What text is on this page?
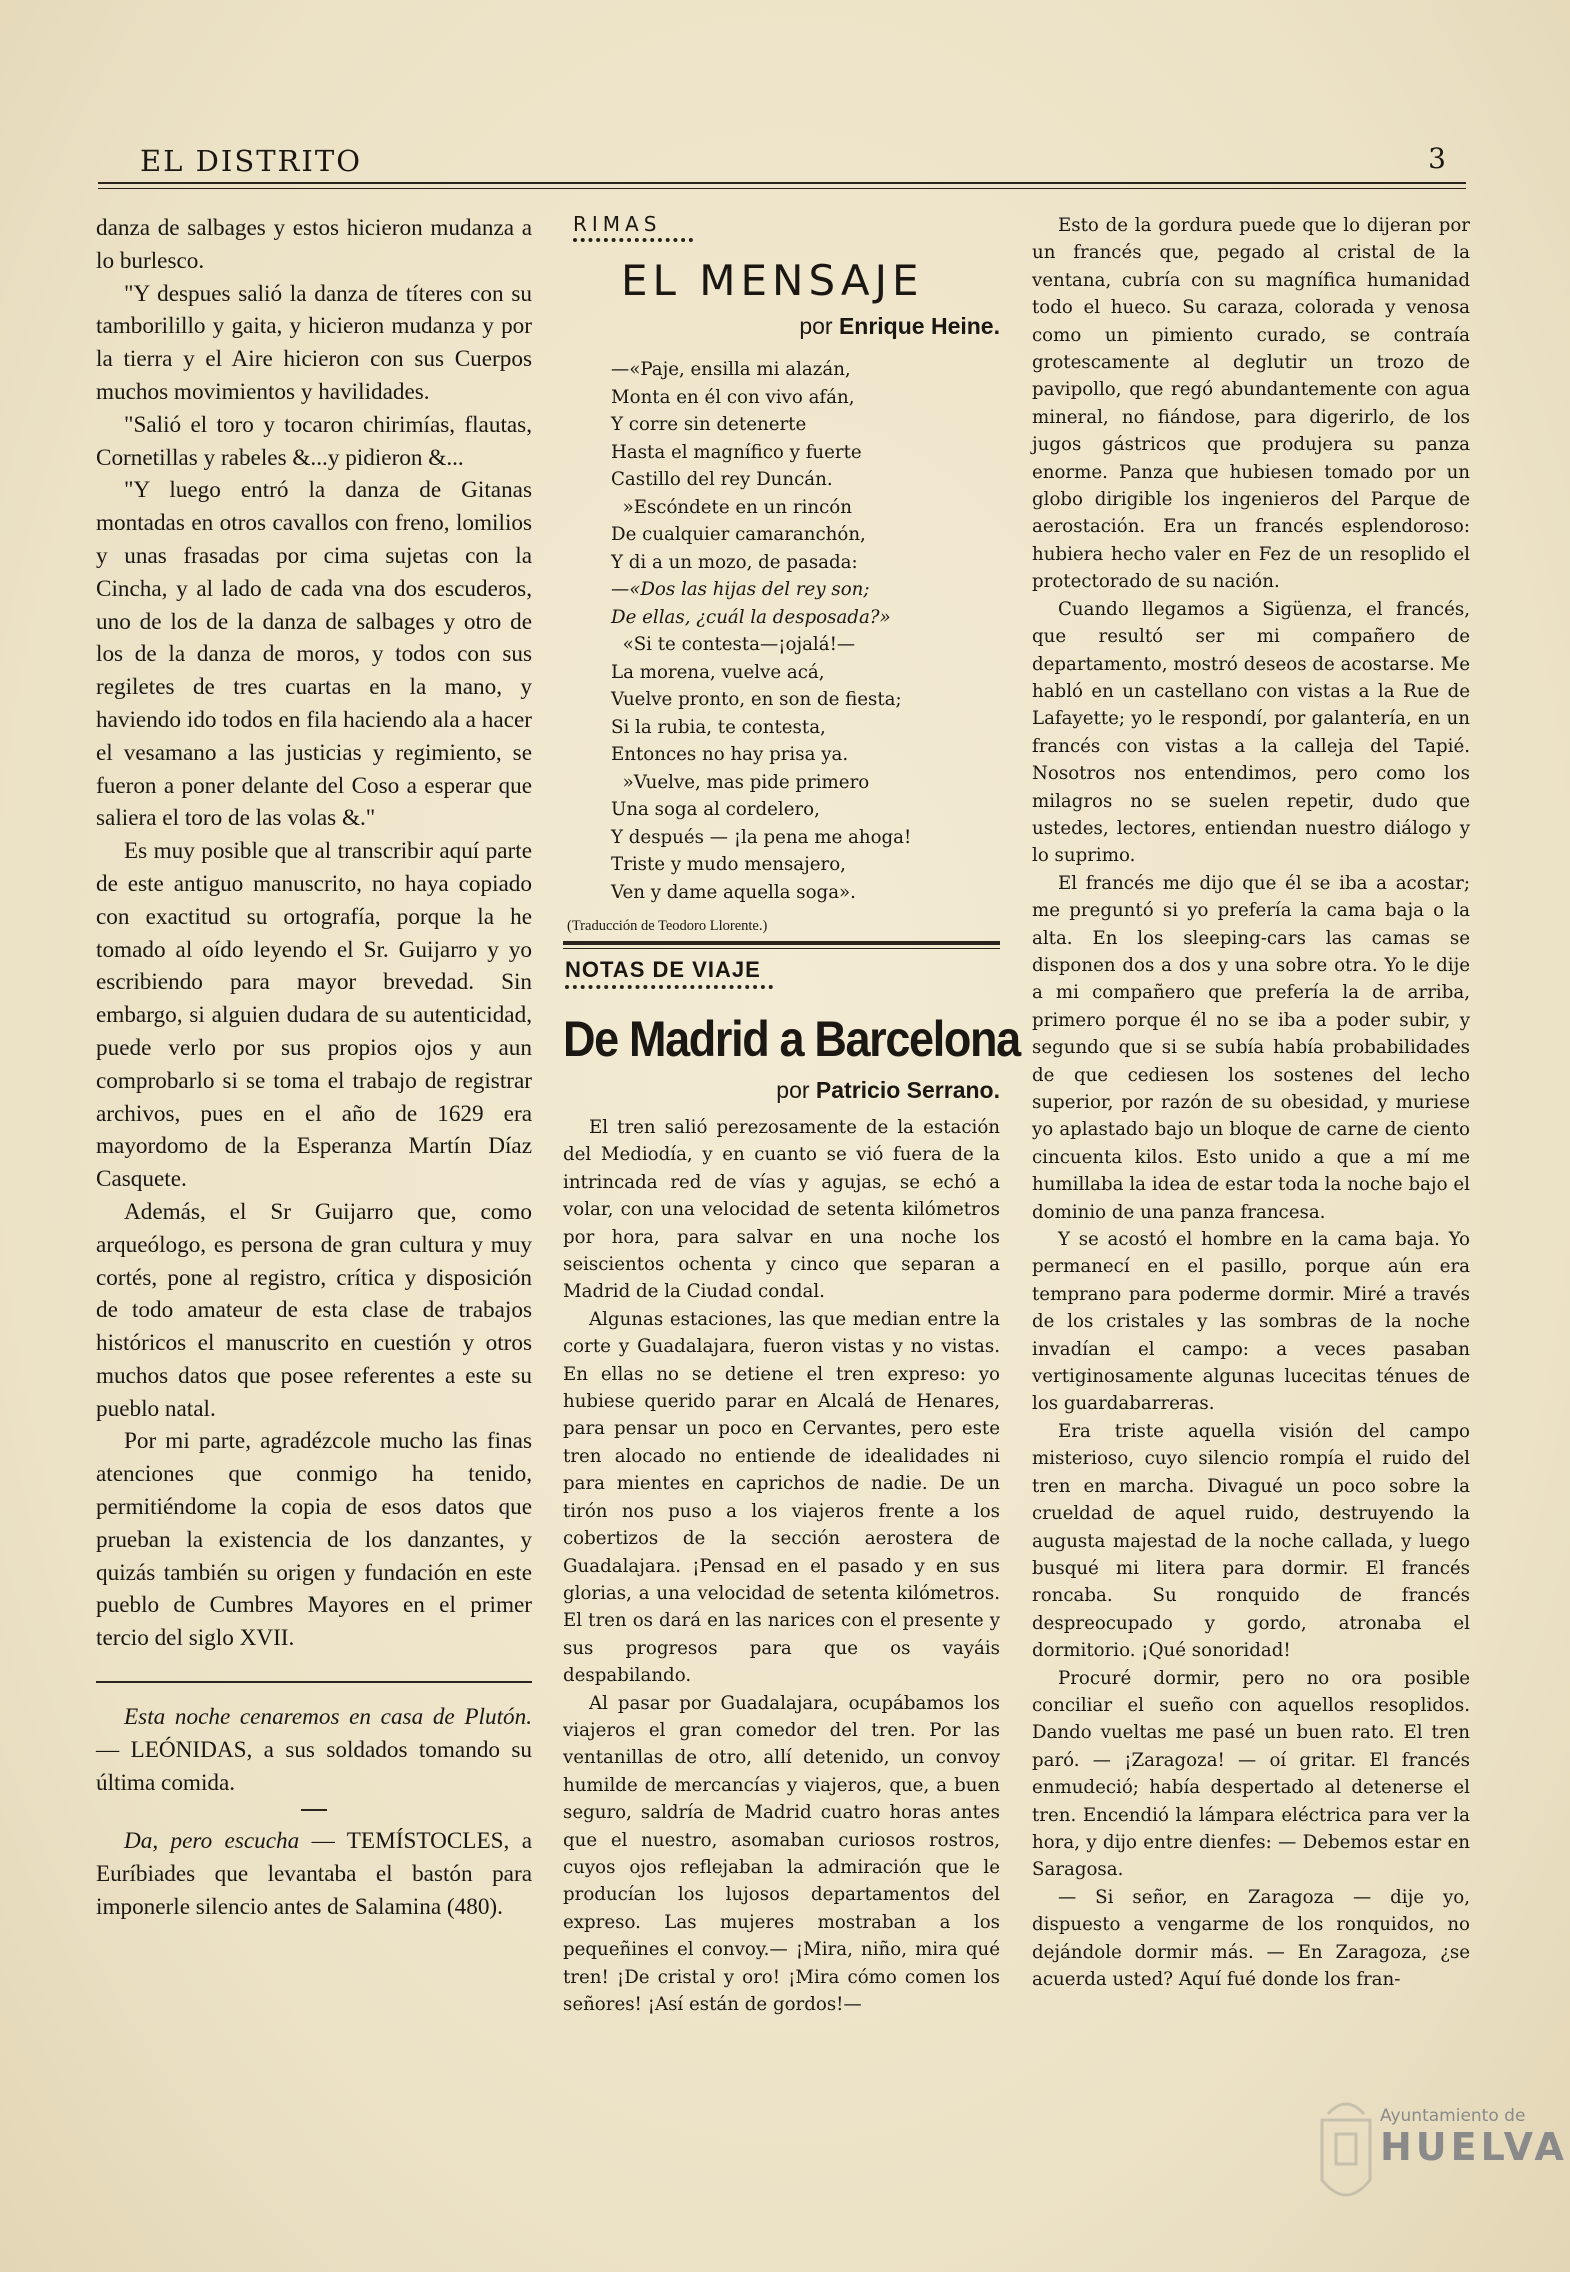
EL DISTRITO	3

danza de salbages y estos hicieron mudanza a lo burlesco.

"Y despues salió la danza de títeres con su tamborilillo y gaita, y hicieron mudanza y por la tierra y el Aire hicieron con sus Cuerpos muchos movimientos y havilidades.

"Salió el toro y tocaron chirimías, flautas, Cornetillas y rabeles &...y pidieron &...

"Y luego entró la danza de Gitanas montadas en otros cavallos con freno, lomilios y unas frasadas por cima sujetas con la Cincha, y al lado de cada vna dos escuderos, uno de los de la danza de salbages y otro de los de la danza de moros, y todos con sus regiletes de tres cuartas en la mano, y haviendo ido todos en fila haciendo ala a hacer el vesamano a las justicias y regimiento, se fueron a poner delante del Coso a esperar que saliera el toro de las volas &."

Es muy posible que al transcribir aquí parte de este antiguo manuscrito, no haya copiado con exactitud su ortografía, porque la he tomado al oído leyendo el Sr. Guijarro y yo escribiendo para mayor brevedad. Sin embargo, si alguien dudara de su autenticidad, puede verlo por sus propios ojos y aun comprobarlo si se toma el trabajo de registrar archivos, pues en el año de 1629 era mayordomo de la Esperanza Martín Díaz Casquete.

Además, el Sr Guijarro que, como arqueólogo, es persona de gran cultura y muy cortés, pone al registro, crítica y disposición de todo amateur de esta clase de trabajos históricos el manuscrito en cuestión y otros muchos datos que posee referentes a este su pueblo natal.

Por mi parte, agradézcole mucho las finas atenciones que conmigo ha tenido, permitiéndome la copia de esos datos que prueban la existencia de los danzantes, y quizás también su origen y fundación en este pueblo de Cumbres Mayores en el primer tercio del siglo XVII.

Esta noche cenaremos en casa de Plutón. — LEÓNIDAS, a sus soldados tomando su última comida.

Da, pero escucha — TEMÍSTOCLES, a Euríbiades que levantaba el bastón para imponerle silencio antes de Salamina (480).

RIMAS
EL MENSAJE
por Enrique Heine.
—«Paje, ensilla mi alazán,
Monta en él con vivo afán,
Y corre sin detenerte
Hasta el magnífico y fuerte
Castillo del rey Duncán.
»Escóndete en un rincón
De cualquier camaranchón,
Y di a un mozo, de pasada:
—«Dos las hijas del rey son;
De ellas, ¿cuál la desposada?»
«Si te contesta—¡ojalá!—
La morena, vuelve acá,
Vuelve pronto, en son de fiesta;
Si la rubia, te contesta,
Entonces no hay prisa ya.
»Vuelve, mas pide primero
Una soga al cordelero,
Y después — ¡la pena me ahoga!
Triste y mudo mensajero,
Ven y dame aquella soga».
(Traducción de Teodoro Llorente.)
NOTAS DE VIAJE
De Madrid a Barcelona
por Patricio Serrano.

El tren salió perezosamente de la estación del Mediodía, y en cuanto se vió fuera de la intrincada red de vías y agujas, se echó a volar, con una velocidad de setenta kilómetros por hora, para salvar en una noche los seiscientos ochenta y cinco que separan a Madrid de la Ciudad condal.

Algunas estaciones, las que median entre la corte y Guadalajara, fueron vistas y no vistas. En ellas no se detiene el tren expreso: yo hubiese querido parar en Alcalá de Henares, para pensar un poco en Cervantes, pero este tren alocado no entiende de idealidades ni para mientes en caprichos de nadie. De un tirón nos puso a los viajeros frente a los cobertizos de la sección aerostera de Guadalajara. ¡Pensad en el pasado y en sus glorias, a una velocidad de setenta kilómetros. El tren os dará en las narices con el presente y sus progresos para que os vayáis despabilando.

Al pasar por Guadalajara, ocupábamos los viajeros el gran comedor del tren. Por las ventanillas de otro, allí detenido, un convoy humilde de mercancías y viajeros, que, a buen seguro, saldría de Madrid cuatro horas antes que el nuestro, asomaban curiosos rostros, cuyos ojos reflejaban la admiración que le producían los lujosos departamentos del expreso. Las mujeres mostraban a los pequeñines el convoy.— ¡Mira, niño, mira qué tren! ¡De cristal y oro! ¡Mira cómo comen los señores! ¡Así están de gordos!—

Esto de la gordura puede que lo dijeran por un francés que, pegado al cristal de la ventana, cubría con su magnífica humanidad todo el hueco. Su caraza, colorada y venosa como un pimiento curado, se contraía grotescamente al deglutir un trozo de pavipollo, que regó abundantemente con agua mineral, no fiándose, para digerirlo, de los jugos gástricos que produjera su panza enorme. Panza que hubiesen tomado por un globo dirigible los ingenieros del Parque de aerostación. Era un francés esplendoroso: hubiera hecho valer en Fez de un resoplido el protectorado de su nación.

Cuando llegamos a Sigüenza, el francés, que resultó ser mi compañero de departamento, mostró deseos de acostarse. Me habló en un castellano con vistas a la Rue de Lafayette; yo le respondí, por galantería, en un francés con vistas a la calleja del Tapié. Nosotros nos entendimos, pero como los milagros no se suelen repetir, dudo que ustedes, lectores, entiendan nuestro diálogo y lo suprimo.

El francés me dijo que él se iba a acostar; me preguntó si yo prefería la cama baja o la alta. En los sleeping-cars las camas se disponen dos a dos y una sobre otra. Yo le dije a mi compañero que prefería la de arriba, primero porque él no se iba a poder subir, y segundo que si se subía había probabilidades de que cediesen los sostenes del lecho superior, por razón de su obesidad, y muriese yo aplastado bajo un bloque de carne de ciento cincuenta kilos. Esto unido a que a mí me humillaba la idea de estar toda la noche bajo el dominio de una panza francesa.

Y se acostó el hombre en la cama baja. Yo permanecí en el pasillo, porque aún era temprano para poderme dormir. Miré a través de los cristales y las sombras de la noche invadían el campo: a veces pasaban vertiginosamente algunas lucecitas ténues de los guardabarreras.

Era triste aquella visión del campo misterioso, cuyo silencio rompía el ruido del tren en marcha. Divagué un poco sobre la crueldad de aquel ruido, destruyendo la augusta majestad de la noche callada, y luego busqué mi litera para dormir. El francés roncaba. Su ronquido de francés despreocupado y gordo, atronaba el dormitorio. ¡Qué sonoridad!

Procuré dormir, pero no ora posible conciliar el sueño con aquellos resoplidos. Dando vueltas me pasé un buen rato. El tren paró. — ¡Zaragoza! — oí gritar. El francés enmudeció; había despertado al detenerse el tren. Encendió la lámpara eléctrica para ver la hora, y dijo entre dienfes: — Debemos estar en Saragosa.

— Si señor, en Zaragoza — dije yo, dispuesto a vengarme de los ronquidos, no dejándole dormir más. — En Zaragoza, ¿se acuerda usted? Aquí fué donde los fran-

Ayuntamiento de
HUELVA
